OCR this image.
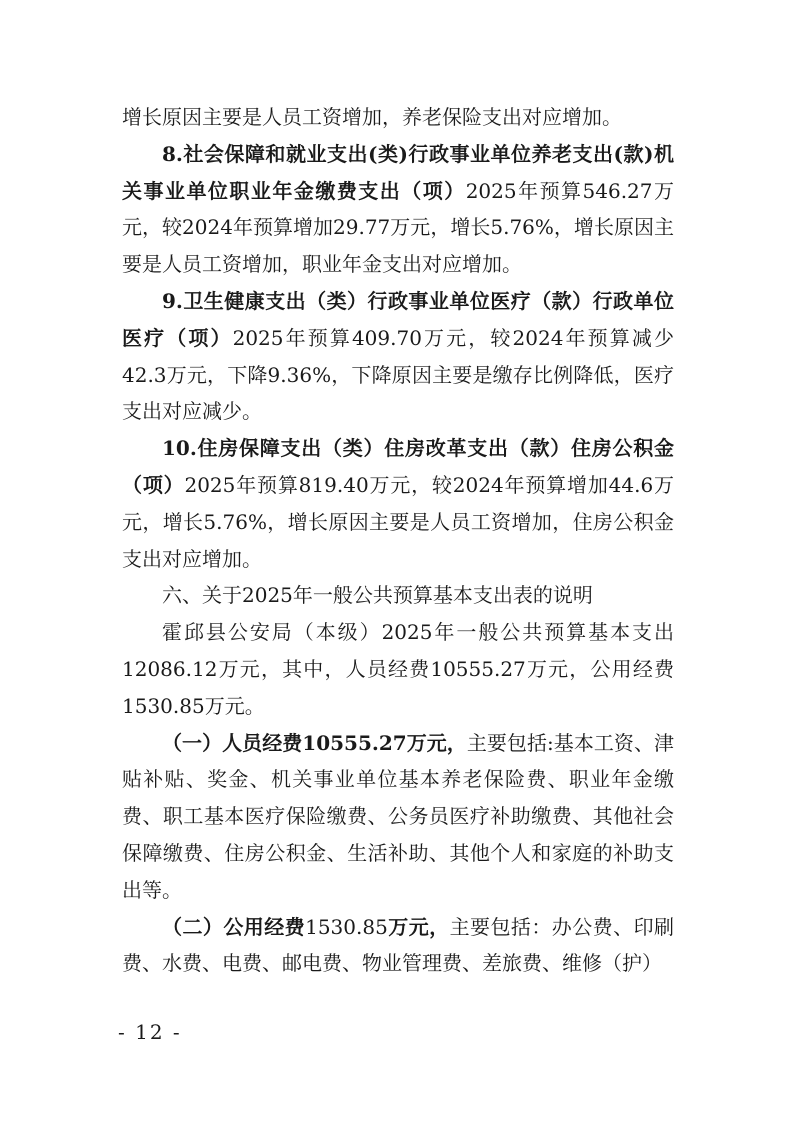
增长原因主要是人员工资增加，养老保险支出对应增加。

8.社会保障和就业支出(类)行政事业单位养老支出(款)机关事业单位职业年金缴费支出（项）2025年预算546.27万元，较2024年预算增加29.77万元，增长5.76%，增长原因主要是人员工资增加，职业年金支出对应增加。

9.卫生健康支出（类）行政事业单位医疗（款）行政单位医疗（项）2025年预算409.70万元，较2024年预算减少42.3万元，下降9.36%，下降原因主要是缴存比例降低，医疗支出对应减少。

10.住房保障支出（类）住房改革支出（款）住房公积金（项）2025年预算819.40万元，较2024年预算增加44.6万元，增长5.76%，增长原因主要是人员工资增加，住房公积金支出对应增加。

六、关于2025年一般公共预算基本支出表的说明

霍邱县公安局（本级）2025年一般公共预算基本支出12086.12万元，其中，人员经费10555.27万元，公用经费1530.85万元。

（一）人员经费10555.27万元，主要包括:基本工资、津贴补贴、奖金、机关事业单位基本养老保险费、职业年金缴费、职工基本医疗保险缴费、公务员医疗补助缴费、其他社会保障缴费、住房公积金、生活补助、其他个人和家庭的补助支出等。

（二）公用经费1530.85万元，主要包括：办公费、印刷费、水费、电费、邮电费、物业管理费、差旅费、维修（护）

- 12 -
